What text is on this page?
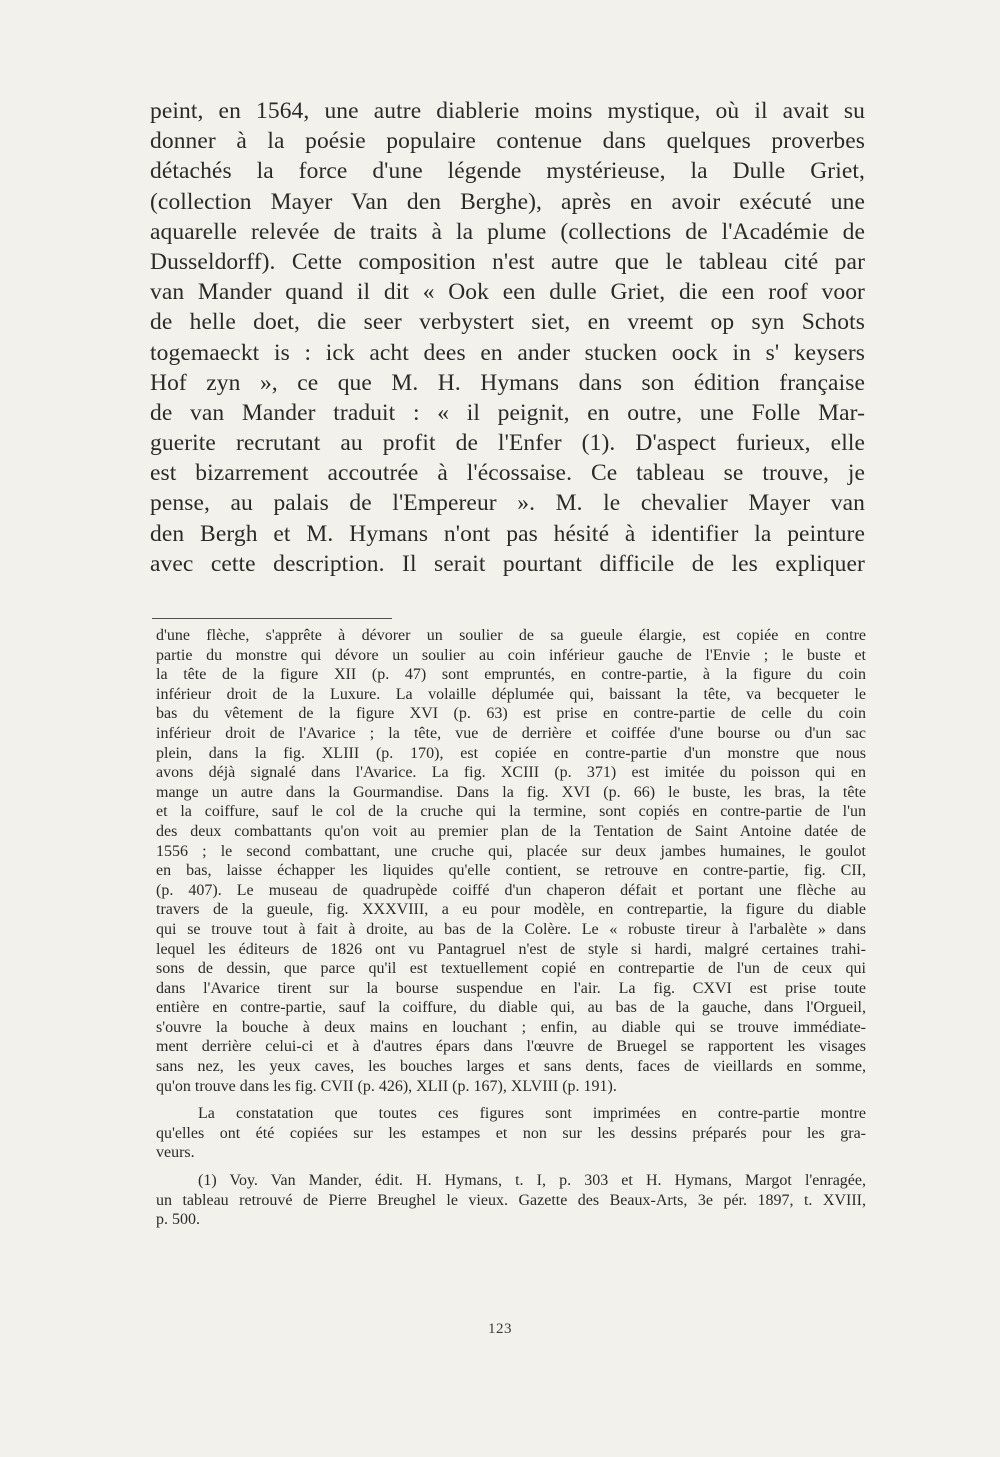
peint, en 1564, une autre diablerie moins mystique, où il avait su
donner à la poésie populaire contenue dans quelques proverbes
détachés la force d'une légende mystérieuse, la Dulle Griet,
(collection Mayer Van den Berghe), après en avoir exécuté une
aquarelle relevée de traits à la plume (collections de l'Académie de
Dusseldorff). Cette composition n'est autre que le tableau cité par
van Mander quand il dit « Ook een dulle Griet, die een roof voor
de helle doet, die seer verbystert siet, en vreemt op syn Schots
togemaeckt is : ick acht dees en ander stucken oock in s' keysers
Hof zyn », ce que M. H. Hymans dans son édition française
de van Mander traduit : « il peignit, en outre, une Folle Mar-
guerite recrutant au profit de l'Enfer (1). D'aspect furieux, elle
est bizarrement accoutrée à l'écossaise. Ce tableau se trouve, je
pense, au palais de l'Empereur ». M. le chevalier Mayer van
den Bergh et M. Hymans n'ont pas hésité à identifier la peinture
avec cette description. Il serait pourtant difficile de les expliquer
d'une flèche, s'apprête à dévorer un soulier de sa gueule élargie, est copiée en contre
partie du monstre qui dévore un soulier au coin inférieur gauche de l'Envie ; le buste et
la tête de la figure XII (p. 47) sont empruntés, en contre-partie, à la figure du coin
inférieur droit de la Luxure. La volaille déplumée qui, baissant la tête, va becqueter le
bas du vêtement de la figure XVI (p. 63) est prise en contre-partie de celle du coin
inférieur droit de l'Avarice ; la tête, vue de derrière et coiffée d'une bourse ou d'un sac
plein, dans la fig. XLIII (p. 170), est copiée en contre-partie d'un monstre que nous
avons déjà signalé dans l'Avarice. La fig. XCIII (p. 371) est imitée du poisson qui en
mange un autre dans la Gourmandise. Dans la fig. XVI (p. 66) le buste, les bras, la tête
et la coiffure, sauf le col de la cruche qui la termine, sont copiés en contre-partie de l'un
des deux combattants qu'on voit au premier plan de la Tentation de Saint Antoine datée de
1556 ; le second combattant, une cruche qui, placée sur deux jambes humaines, le goulot
en bas, laisse échapper les liquides qu'elle contient, se retrouve en contre-partie, fig. CII,
(p. 407). Le museau de quadrupède coiffé d'un chaperon défait et portant une flèche au
travers de la gueule, fig. XXXVIII, a eu pour modèle, en contrepartie, la figure du diable
qui se trouve tout à fait à droite, au bas de la Colère. Le « robuste tireur à l'arbalète » dans
lequel les éditeurs de 1826 ont vu Pantagruel n'est de style si hardi, malgré certaines trahi-
sons de dessin, que parce qu'il est textuellement copié en contrepartie de l'un de ceux qui
dans l'Avarice tirent sur la bourse suspendue en l'air. La fig. CXVI est prise toute
entière en contre-partie, sauf la coiffure, du diable qui, au bas de la gauche, dans l'Orgueil,
s'ouvre la bouche à deux mains en louchant ; enfin, au diable qui se trouve immédiate-
ment derrière celui-ci et à d'autres épars dans l'œuvre de Bruegel se rapportent les visages
sans nez, les yeux caves, les bouches larges et sans dents, faces de vieillards en somme,
qu'on trouve dans les fig. CVII (p. 426), XLII (p. 167), XLVIII (p. 191).
La constatation que toutes ces figures sont imprimées en contre-partie montre
qu'elles ont été copiées sur les estampes et non sur les dessins préparés pour les gra-
veurs.
(1) Voy. Van Mander, édit. H. Hymans, t. I, p. 303 et H. Hymans, Margot l'enragée,
un tableau retrouvé de Pierre Breughel le vieux. Gazette des Beaux-Arts, 3e pér. 1897, t. XVIII,
p. 500.
123
